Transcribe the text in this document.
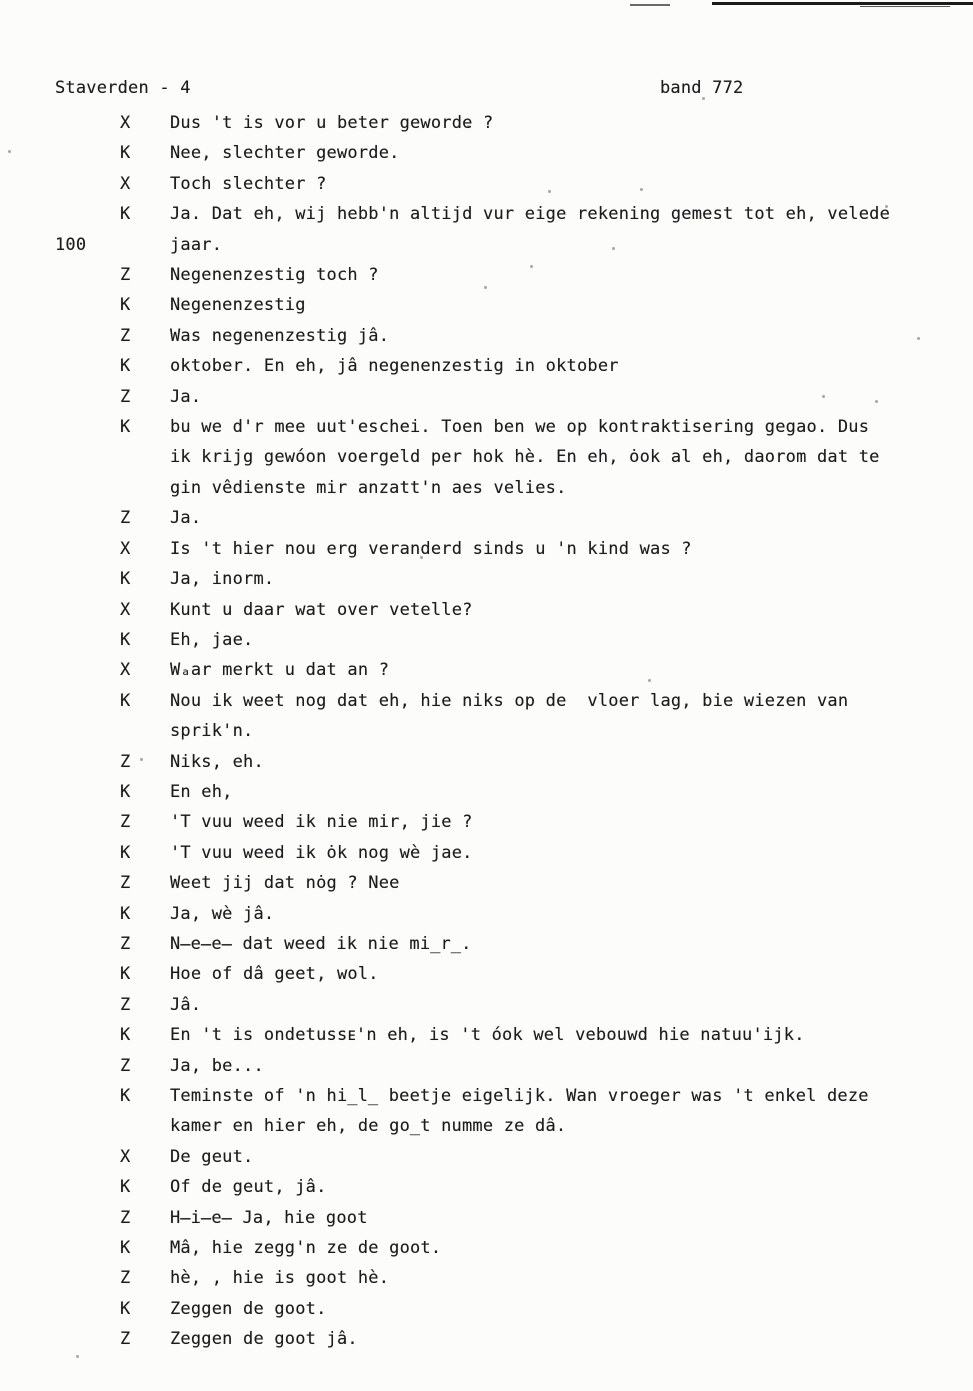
Staverden - 4	band 772
X	Dus 't is vor u beter geworde ?
K	Nee, slechter geworde.
X	Toch slechter ?
K	Ja. Dat eh, wij hebb'n altijd vur eige rekening gemest tot eh, velede
100	jaar.
Z	Negenenzestig toch ?
K	Negenenzestig
Z	Was negenenzestig jâ.
K	oktober. En eh, jâ negenenzestig in oktober
Z	Ja.
K	bu we d'r mee uut'eschei. Toen ben we op kontraktisering gegao. Dus
ik krijg gewóon voergeld per hok hè. En eh, ȯok al eh, daorom dat te
gin vêdienste mir anzatt'n aes velies.
Z	Ja.
X	Is 't hier nou erg veranderd sinds u 'n kind was ?
K	Ja, inorm.
X	Kunt u daar wat over vetelle?
K	Eh, jae.
X	Wₐar merkt u dat an ?
K	Nou ik weet nog dat eh, hie niks op de  vloer lag, bie wiezen van
sprik'n.
Z	Niks, eh.
K	En eh,
Z	'T vuu weed ik nie mir, jie ?
K	'T vuu weed ik ȯk nog wè jae.
Z	Weet jij dat nȯg ? Nee
K	Ja, wè jâ.
Z	N̶e̶e̶ dat weed ik nie mi̲r̲.
K	Hoe of dâ geet, wol.
Z	Jâ.
K	En 't is ondetussᴇ'n eh, is 't óok wel vebouwd hie natuu'ijk.
Z	Ja, be...
K	Teminste of 'n hi̲l̲ beetje eigelijk. Wan vroeger was 't enkel deze
kamer en hier eh, de go̲t numme ze dâ.
X	De geut.
K	Of de geut, jâ.
Z	H̶i̶e̶ Ja, hie goot
K	Mâ, hie zegg'n ze de goot.
Z	hè, , hie is goot hè.
K	Zeggen de goot.
Z	Zeggen de goot jâ.
